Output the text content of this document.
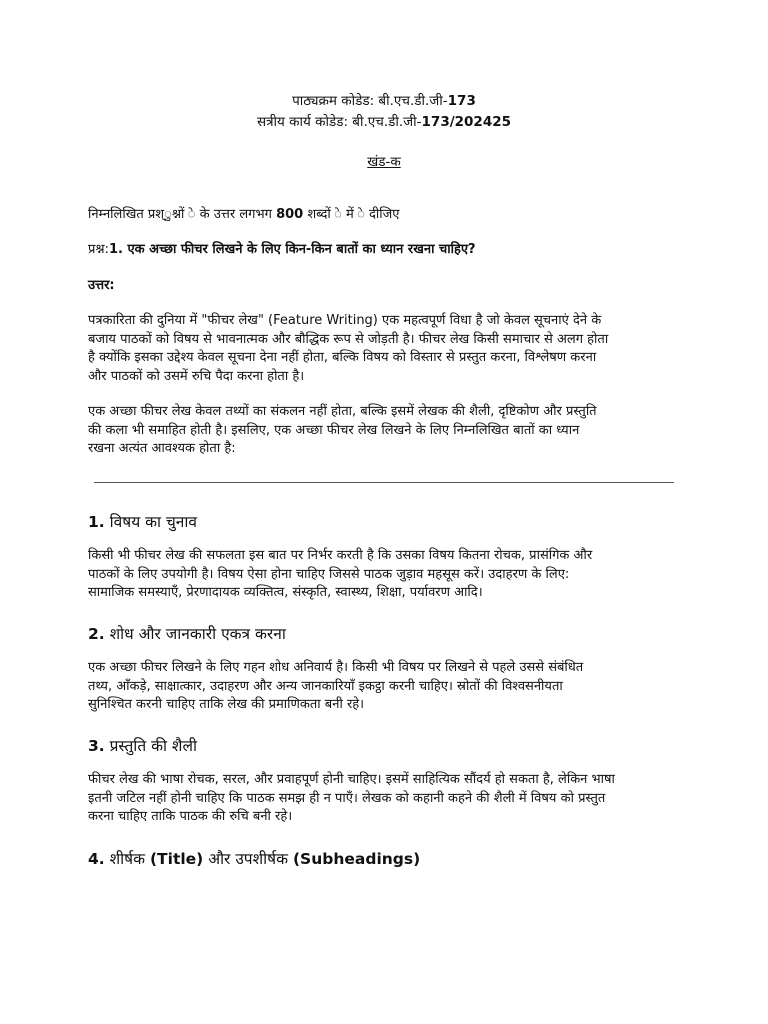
पाठ्यक्रम कोडेड: बी.एच.डी.जी-173
सत्रीय कार्य कोडेड: बी.एच.डी.जी-173/202425
खंड-क
निम्नलिखित प्रश्ुश्नों े के उत्तर लगभग 800 शब्दों े में े दीजिए
प्रश्न:1. एक अच्छा फीचर लिखने के लिए किन-किन बातों का ध्यान रखना चाहिए?
उत्तर:
पत्रकारिता की दुनिया में "फीचर लेख" (Feature Writing) एक महत्वपूर्ण विधा है जो केवल सूचनाएं देने के
बजाय पाठकों को विषय से भावनात्मक और बौद्धिक रूप से जोड़ती है। फीचर लेख किसी समाचार से अलग होता
है क्योंकि इसका उद्देश्य केवल सूचना देना नहीं होता, बल्कि विषय को विस्तार से प्रस्तुत करना, विश्लेषण करना
और पाठकों को उसमें रुचि पैदा करना होता है।
एक अच्छा फीचर लेख केवल तथ्यों का संकलन नहीं होता, बल्कि इसमें लेखक की शैली, दृष्टिकोण और प्रस्तुति
की कला भी समाहित होती है। इसलिए, एक अच्छा फीचर लेख लिखने के लिए निम्नलिखित बातों का ध्यान
रखना अत्यंत आवश्यक होता है:
1. विषय का चुनाव
किसी भी फीचर लेख की सफलता इस बात पर निर्भर करती है कि उसका विषय कितना रोचक, प्रासंगिक और
पाठकों के लिए उपयोगी है। विषय ऐसा होना चाहिए जिससे पाठक जुड़ाव महसूस करें। उदाहरण के लिए:
सामाजिक समस्याएँ, प्रेरणादायक व्यक्तित्व, संस्कृति, स्वास्थ्य, शिक्षा, पर्यावरण आदि।
2. शोध और जानकारी एकत्र करना
एक अच्छा फीचर लिखने के लिए गहन शोध अनिवार्य है। किसी भी विषय पर लिखने से पहले उससे संबंधित
तथ्य, आँकड़े, साक्षात्कार, उदाहरण और अन्य जानकारियाँ इकट्ठा करनी चाहिए। स्रोतों की विश्वसनीयता
सुनिश्चित करनी चाहिए ताकि लेख की प्रमाणिकता बनी रहे।
3. प्रस्तुति की शैली
फीचर लेख की भाषा रोचक, सरल, और प्रवाहपूर्ण होनी चाहिए। इसमें साहित्यिक सौंदर्य हो सकता है, लेकिन भाषा
इतनी जटिल नहीं होनी चाहिए कि पाठक समझ ही न पाएँ। लेखक को कहानी कहने की शैली में विषय को प्रस्तुत
करना चाहिए ताकि पाठक की रुचि बनी रहे।
4. शीर्षक (Title) और उपशीर्षक (Subheadings)
